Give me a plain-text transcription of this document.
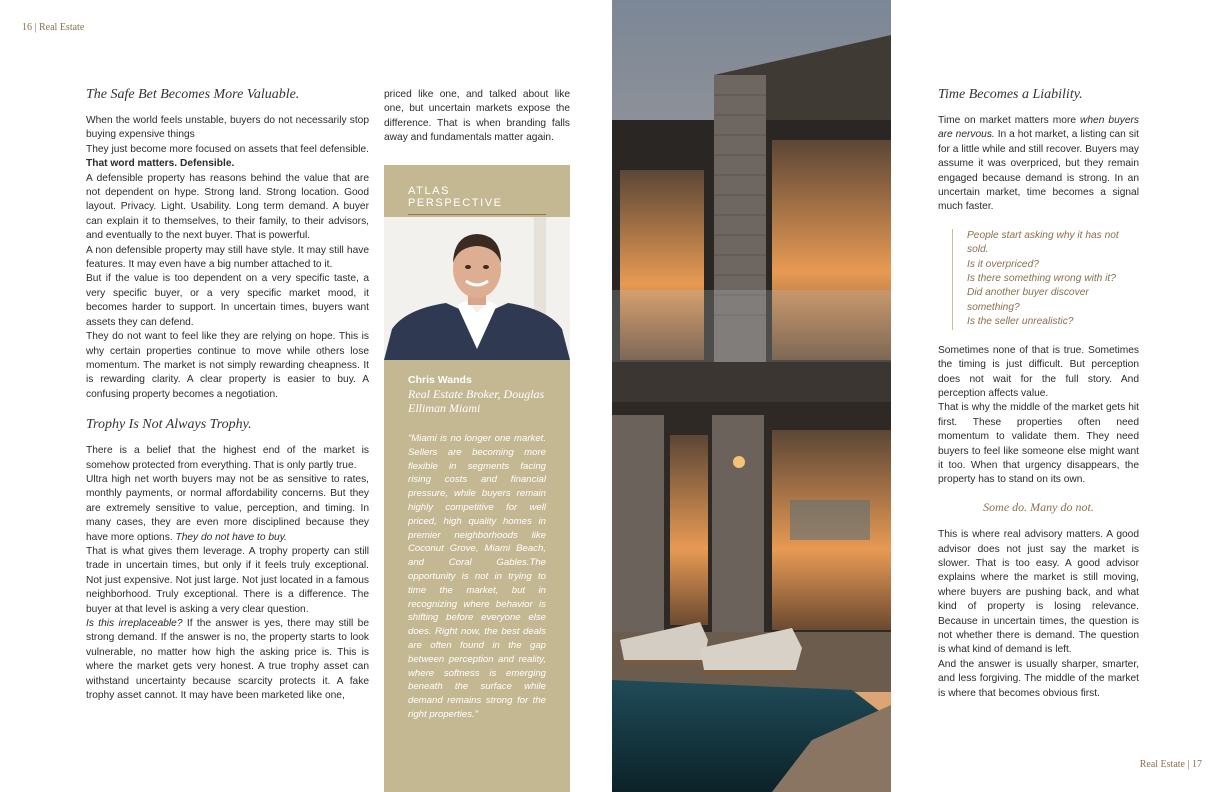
16 | Real Estate
The Safe Bet Becomes More Valuable.

When the world feels unstable, buyers do not necessarily stop buying expensive things

They just become more focused on assets that feel defensible. That word matters. Defensible.

A defensible property has reasons behind the value that are not dependent on hype. Strong land. Strong location. Good layout. Privacy. Light. Usability. Long term demand. A buyer can explain it to themselves, to their family, to their advisors, and eventually to the next buyer. That is powerful.

A non defensible property may still have style. It may still have features. It may even have a big number attached to it.

But if the value is too dependent on a very specific taste, a very specific buyer, or a very specific market mood, it becomes harder to support. In uncertain times, buyers want assets they can defend.

They do not want to feel like they are relying on hope. This is why certain properties continue to move while others lose momentum. The market is not simply rewarding cheapness. It is rewarding clarity. A clear property is easier to buy. A confusing property becomes a negotiation.

Trophy Is Not Always Trophy.

There is a belief that the highest end of the market is somehow protected from everything. That is only partly true.

Ultra high net worth buyers may not be as sensitive to rates, monthly payments, or normal affordability concerns. But they are extremely sensitive to value, perception, and timing. In many cases, they are even more disciplined because they have more options. They do not have to buy.

That is what gives them leverage. A trophy property can still trade in uncertain times, but only if it feels truly exceptional. Not just expensive. Not just large. Not just located in a famous neighborhood. Truly exceptional. There is a difference. The buyer at that level is asking a very clear question.

Is this irreplaceable? If the answer is yes, there may still be strong demand. If the answer is no, the property starts to look vulnerable, no matter how high the asking price is. This is where the market gets very honest. A true trophy asset can withstand uncertainty because scarcity protects it. A fake trophy asset cannot. It may have been marketed like one,

priced like one, and talked about like one, but uncertain markets expose the difference. That is when branding falls away and fundamentals matter again.

ATLAS PERSPECTIVE
Chris Wands
Real Estate Broker, Douglas Elliman Miami
“Miami is no longer one market. Sellers are becoming more flexible in segments facing rising costs and financial pressure, while buyers remain highly competitive for well priced, high quality homes in premier neighborhoods like Coconut Grove, Miami Beach, and Coral Gables.The opportunity is not in trying to time the market, but in recognizing where behavior is shifting before everyone else does. Right now, the best deals are often found in the gap between perception and reality, where softness is emerging beneath the surface while demand remains strong for the right properties.”
Time Becomes a Liability.

Time on market matters more when buyers are nervous. In a hot market, a listing can sit for a little while and still recover. Buyers may assume it was overpriced, but they remain engaged because demand is strong. In an uncertain market, time becomes a signal much faster.

People start asking why it has not sold.
Is it overpriced?
Is there something wrong with it?
Did another buyer discover something?
Is the seller unrealistic?

Sometimes none of that is true. Sometimes the timing is just difficult. But perception does not wait for the full story. And perception affects value.

That is why the middle of the market gets hit first. These properties often need momentum to validate them. They need buyers to feel like someone else might want it too. When that urgency disappears, the property has to stand on its own.

Some do. Many do not.

This is where real advisory matters. A good advisor does not just say the market is slower. That is too easy. A good advisor explains where the market is still moving, where buyers are pushing back, and what kind of property is losing relevance. Because in uncertain times, the question is not whether there is demand. The question is what kind of demand is left.

And the answer is usually sharper, smarter, and less forgiving. The middle of the market is where that becomes obvious first.

Real Estate | 17
